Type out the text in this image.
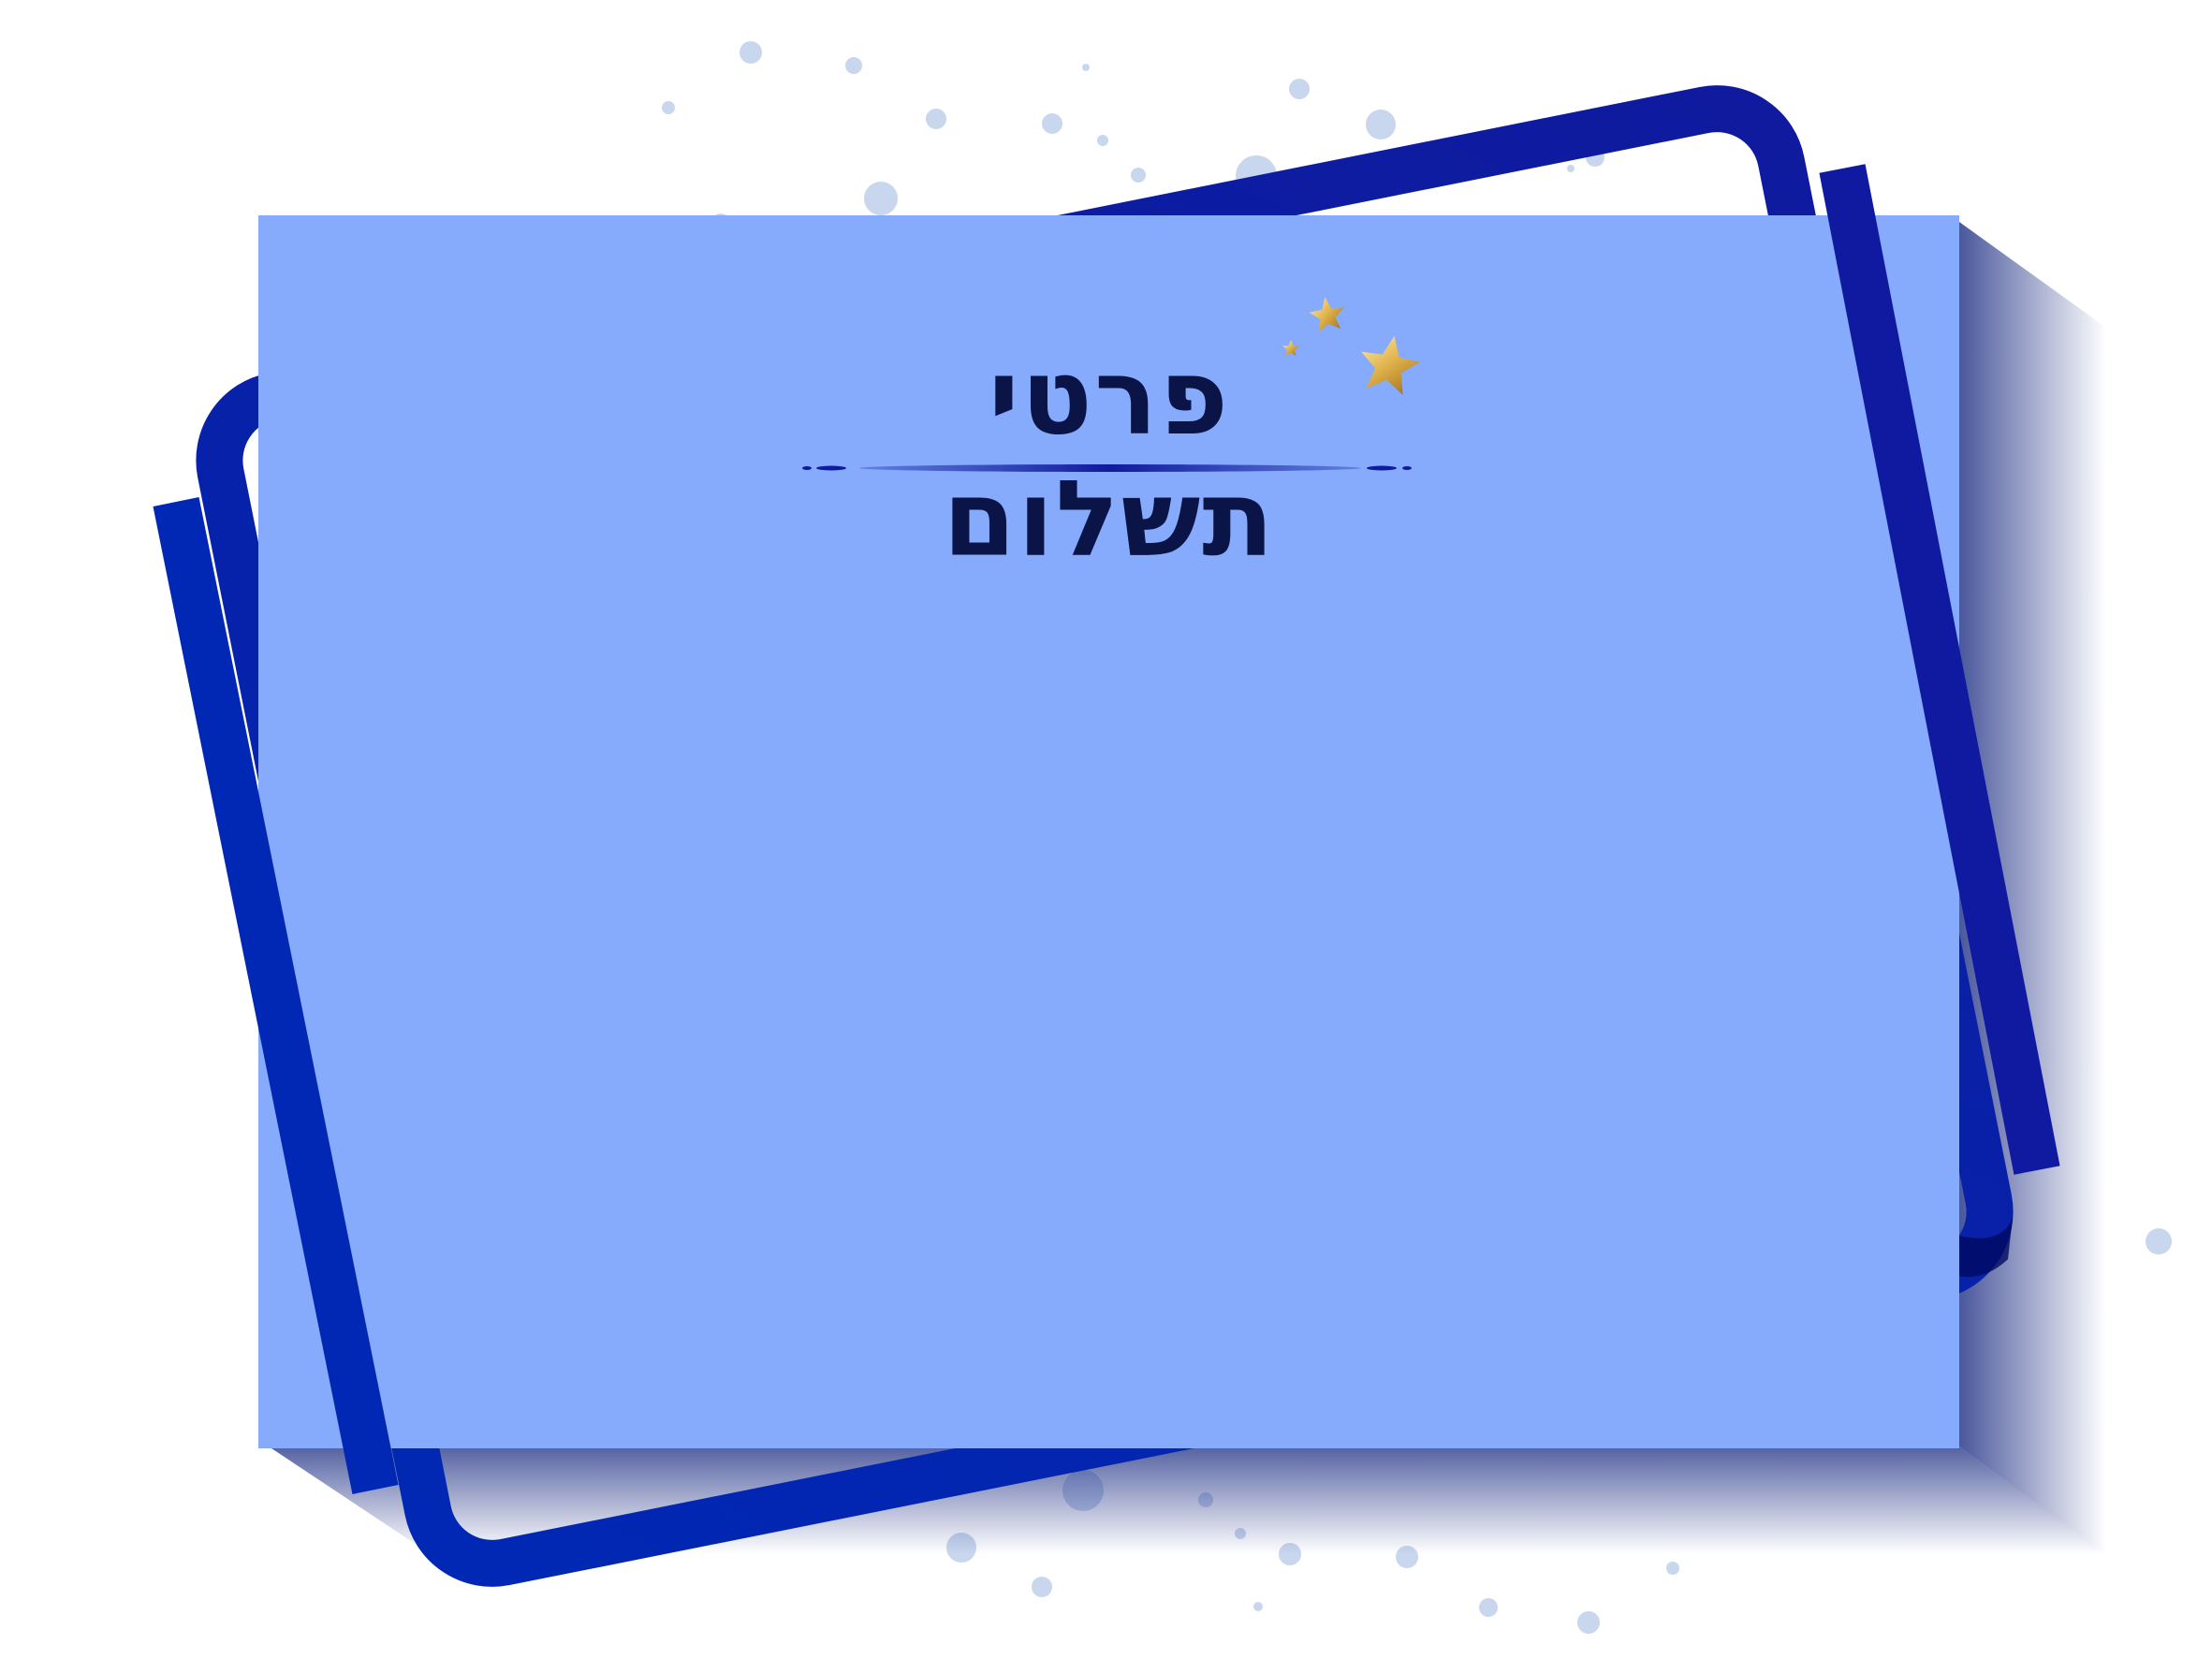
פרטי תשלום
